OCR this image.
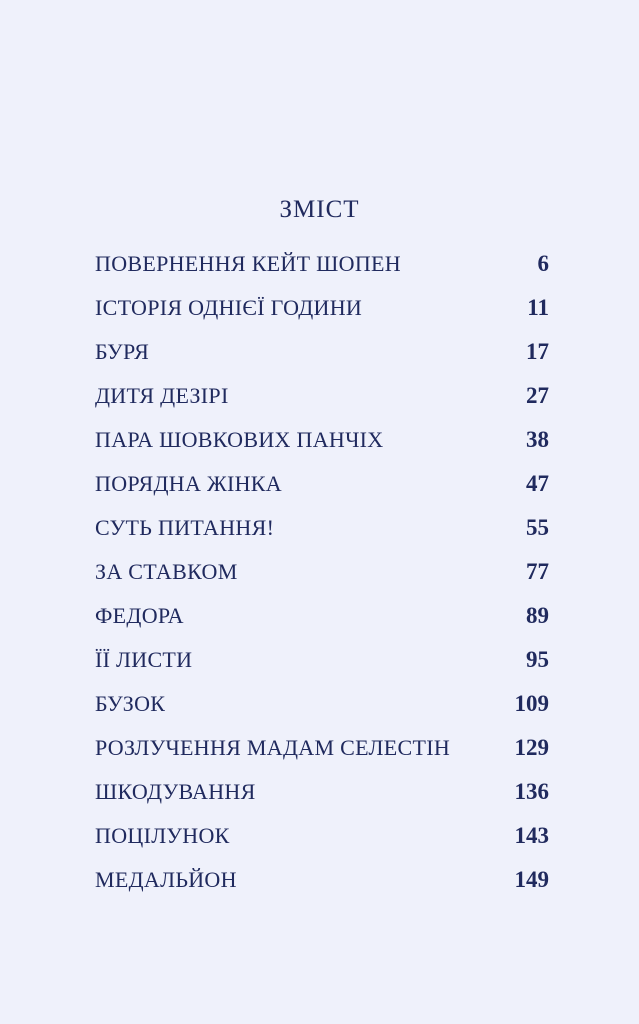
ЗМІСТ
ПОВЕРНЕННЯ КЕЙТ ШОПЕН	6
ІСТОРІЯ ОДНІЄЇ ГОДИНИ	11
БУРЯ	17
ДИТЯ ДЕЗІРІ	27
ПАРА ШОВКОВИХ ПАНЧІХ	38
ПОРЯДНА ЖІНКА	47
СУТЬ ПИТАННЯ!	55
ЗА СТАВКОМ	77
ФЕДОРА	89
ЇЇ ЛИСТИ	95
БУЗОК	109
РОЗЛУЧЕННЯ МАДАМ СЕЛЕСТІН	129
ШКОДУВАННЯ	136
ПОЦІЛУНОК	143
МЕДАЛЬЙОН	149
